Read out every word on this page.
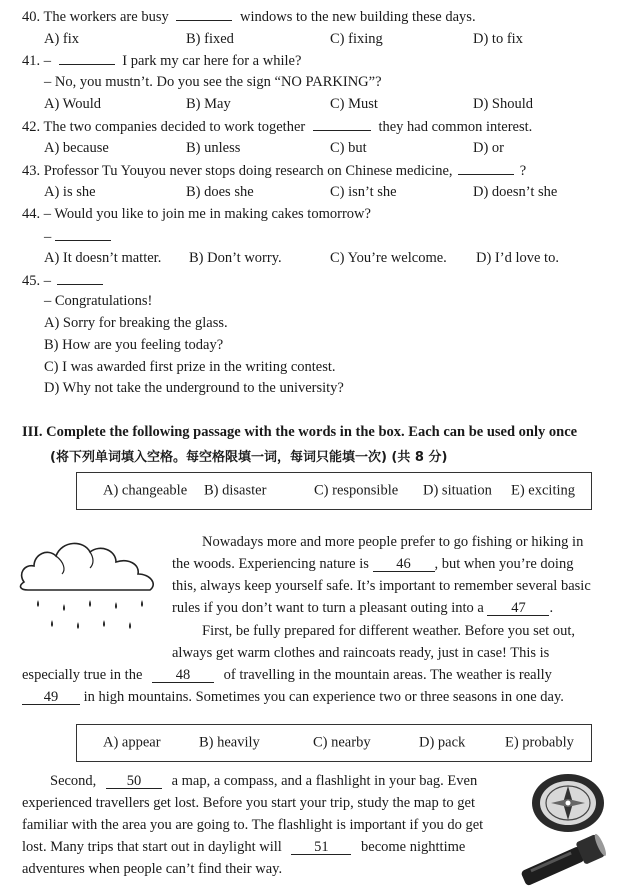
40. The workers are busy	windows to the new building these days.
A) fix	B) fixed	C) fixing	D) to fix
41. –	I park my car here for a while?
– No, you mustn’t. Do you see the sign “NO PARKING”?
A) Would	B) May	C) Must	D) Should
42. The two companies decided to work together	they had common interest.
A) because	B) unless	C) but	D) or
43. Professor Tu Youyou never stops doing research on Chinese medicine,	?
A) is she	B) does she	C) isn’t she	D) doesn’t she
44. – Would you like to join me in making cakes tomorrow?
–
A) It doesn’t matter. B) Don’t worry.	C) You’re welcome. D) I’d love to.
45. –
– Congratulations!
A) Sorry for breaking the glass.
B) How are you feeling today?
C) I was awarded first prize in the writing contest.
D) Why not take the underground to the university?
III. Complete the following passage with the words in the box. Each can be used only once
(将下列单词填入空格。每空格限填一词，每词只能填一次) (共 8 分)
A) changeable B) disaster	C) responsible D) situation E) exciting
Nowadays more and more people prefer to go fishing or hiking in
the woods. Experiencing nature is 46 , but when you’re doing
this, always keep yourself safe. It’s important to remember several basic
rules if you don’t want to turn a pleasant outing into a 47 .
First, be fully prepared for different weather. Before you set out,
always get warm clothes and raincoats ready, just in case! This is
especially true in the 48 of travelling in the mountain areas. The weather is really
49 in high mountains. Sometimes you can experience two or three seasons in one day.
A) appear	B) heavily	C) nearby	D) pack	E) probably
Second, 50 a map, a compass, and a flashlight in your bag. Even
experienced travellers get lost. Before you start your trip, study the map to get
familiar with the area you are going to. The flashlight is important if you do get
lost. Many trips that start out in daylight will 51 become nighttime
adventures when people can’t find their way.
